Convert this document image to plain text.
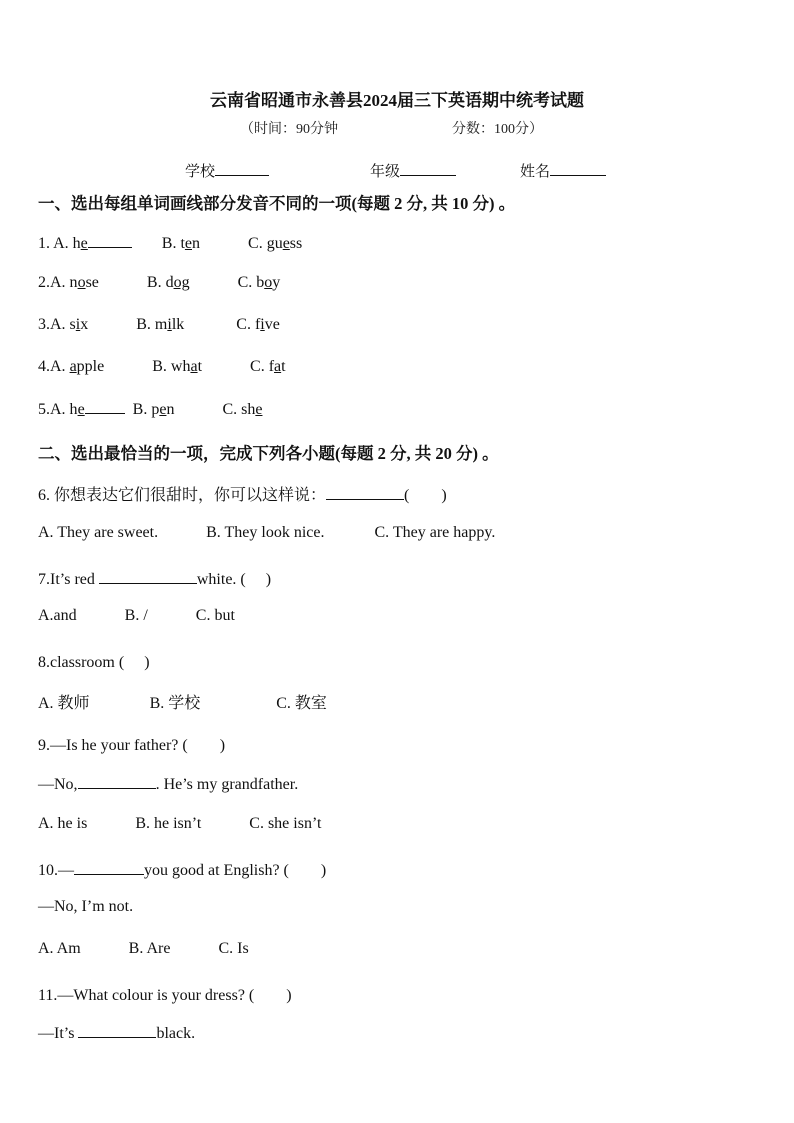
云南省昭通市永善县2024届三下英语期中统考试题
（时间：90分钟	分数：100分）
学校	年级	姓名
一、选出每组单词画线部分发音不同的一项(每题 2 分, 共 10 分) 。
1. A. he	B. ten	C. guess
2.A. nose	B. dog	C. boy
3.A. six	B. milk	C. five
4.A. apple	B. what	C. fat
5.A. he	B. pen	C. she
二、选出最恰当的一项，完成下列各小题(每题 2 分, 共 20 分) 。
6. 你想表达它们很甜时，你可以这样说：	(　　)
A. They are sweet.	B. They look nice.	C. They are happy.
7.It’s red	white. (　 )
A.and	B. /	C. but
8.classroom (　 )
A. 教师	B. 学校	C. 教室
9.—Is he your father? (　　)
—No,	. He’s my grandfather.
A. he is	B. he isn’t	C. she isn’t
10.—	you good at English? (　　)
—No, I’m not.
A. Am	B. Are	C. Is
11.—What colour is your dress? (　　)
—It’s	black.
